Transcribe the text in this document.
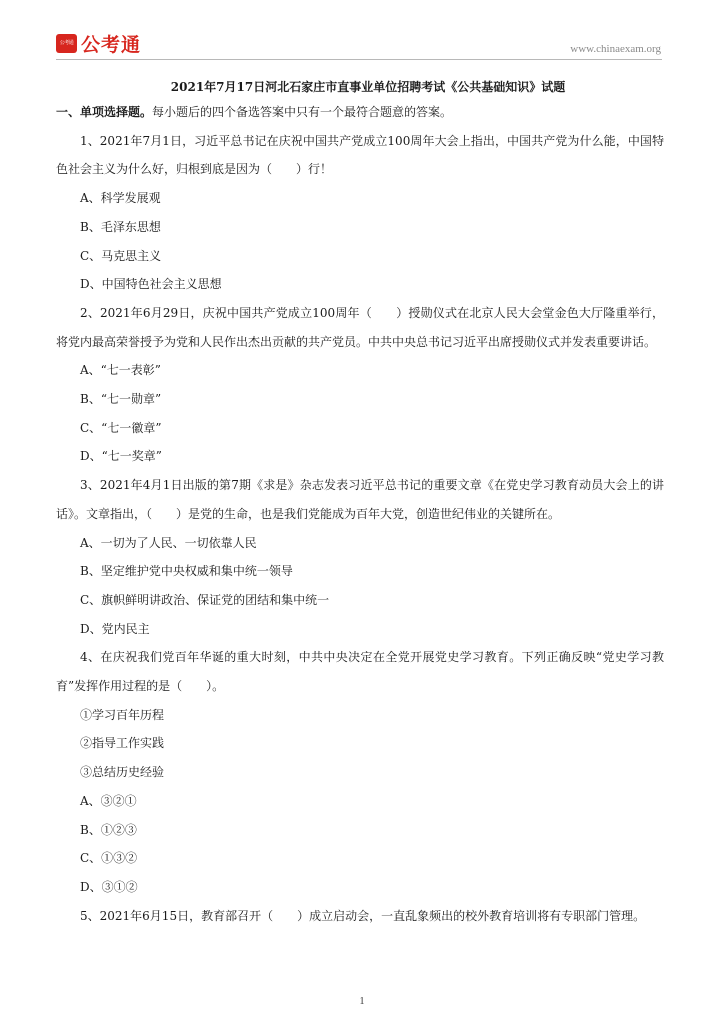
公考通 公考通	www.chinaexam.org

2021年7月17日河北石家庄市直事业单位招聘考试《公共基础知识》试题

一、单项选择题。每小题后的四个备选答案中只有一个最符合题意的答案。

1、2021年7月1日，习近平总书记在庆祝中国共产党成立100周年大会上指出，中国共产党为什么能，中国特色社会主义为什么好，归根到底是因为（　　）行！

A、科学发展观

B、毛泽东思想

C、马克思主义

D、中国特色社会主义思想

2、2021年6月29日，庆祝中国共产党成立100周年（　　）授勋仪式在北京人民大会堂金色大厅隆重举行，将党内最高荣誉授予为党和人民作出杰出贡献的共产党员。中共中央总书记习近平出席授勋仪式并发表重要讲话。

A、“七一表彰”

B、“七一勋章”

C、“七一徽章”

D、“七一奖章”

3、2021年4月1日出版的第7期《求是》杂志发表习近平总书记的重要文章《在党史学习教育动员大会上的讲话》。文章指出，（　　）是党的生命，也是我们党能成为百年大党，创造世纪伟业的关键所在。

A、一切为了人民、一切依靠人民

B、坚定维护党中央权威和集中统一领导

C、旗帜鲜明讲政治、保证党的团结和集中统一

D、党内民主

4、在庆祝我们党百年华诞的重大时刻，中共中央决定在全党开展党史学习教育。下列正确反映“党史学习教育”发挥作用过程的是（　　）。

①学习百年历程

②指导工作实践

③总结历史经验

A、③②①

B、①②③

C、①③②

D、③①②

5、2021年6月15日，教育部召开（　　）成立启动会，一直乱象频出的校外教育培训将有专职部门管理。

1
